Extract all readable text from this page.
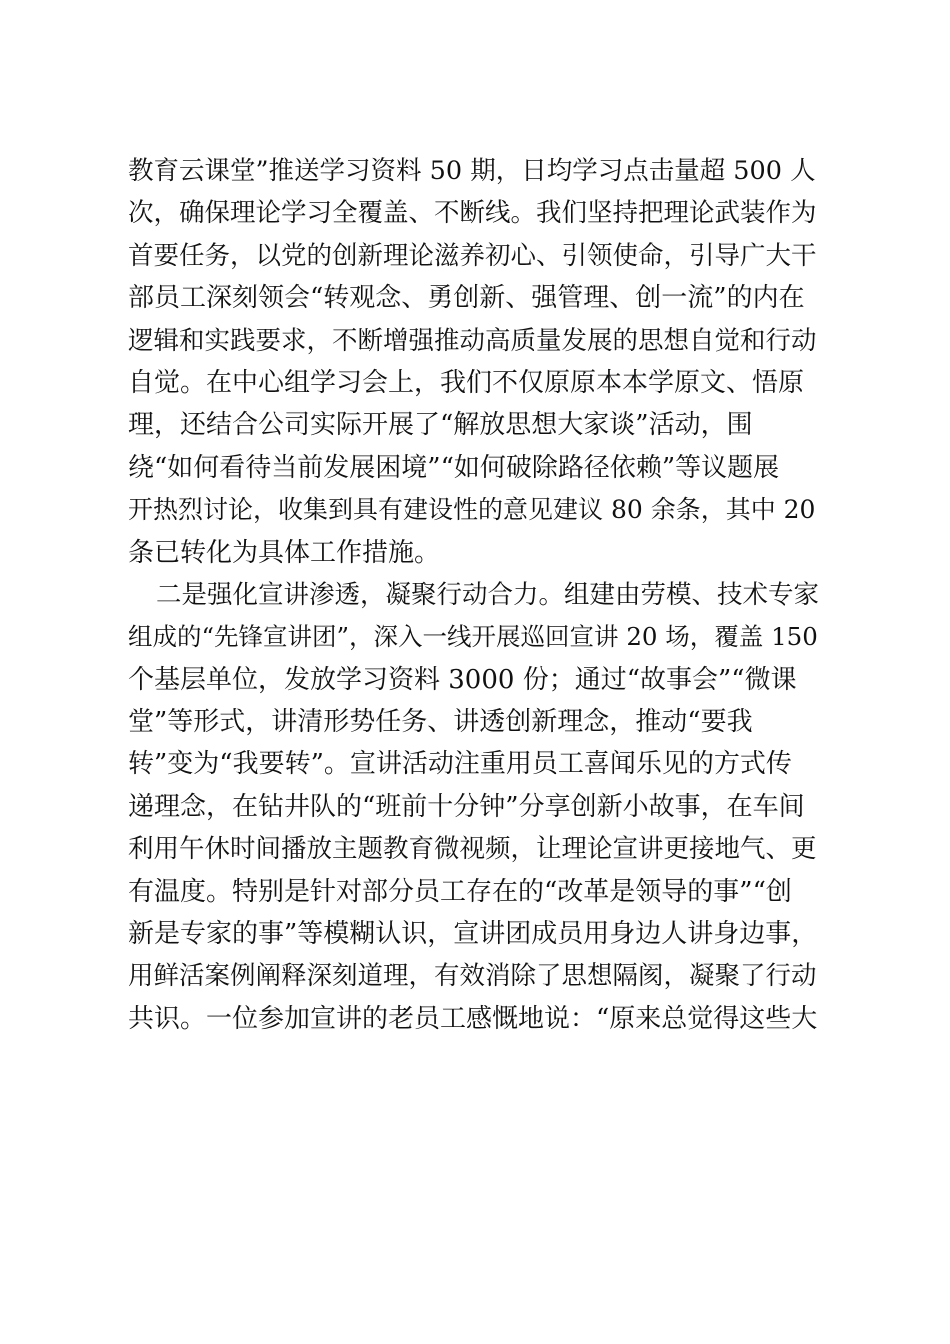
教育云课堂”推送学习资料 50 期，日均学习点击量超 500 人
次，确保理论学习全覆盖、不断线。我们坚持把理论武装作为
首要任务，以党的创新理论滋养初心、引领使命，引导广大干
部员工深刻领会“转观念、勇创新、强管理、创一流”的内在
逻辑和实践要求，不断增强推动高质量发展的思想自觉和行动
自觉。在中心组学习会上，我们不仅原原本本学原文、悟原
理，还结合公司实际开展了“解放思想大家谈”活动，围
绕“如何看待当前发展困境”“如何破除路径依赖”等议题展
开热烈讨论，收集到具有建设性的意见建议 80 余条，其中 20
条已转化为具体工作措施。
二是强化宣讲渗透，凝聚行动合力。组建由劳模、技术专家
组成的“先锋宣讲团”，深入一线开展巡回宣讲 20 场，覆盖 150
个基层单位，发放学习资料 3000 份；通过“故事会”“微课
堂”等形式，讲清形势任务、讲透创新理念，推动“要我
转”变为“我要转”。宣讲活动注重用员工喜闻乐见的方式传
递理念，在钻井队的“班前十分钟”分享创新小故事，在车间
利用午休时间播放主题教育微视频，让理论宣讲更接地气、更
有温度。特别是针对部分员工存在的“改革是领导的事”“创
新是专家的事”等模糊认识，宣讲团成员用身边人讲身边事，
用鲜活案例阐释深刻道理，有效消除了思想隔阂，凝聚了行动
共识。一位参加宣讲的老员工感慨地说：“原来总觉得这些大
